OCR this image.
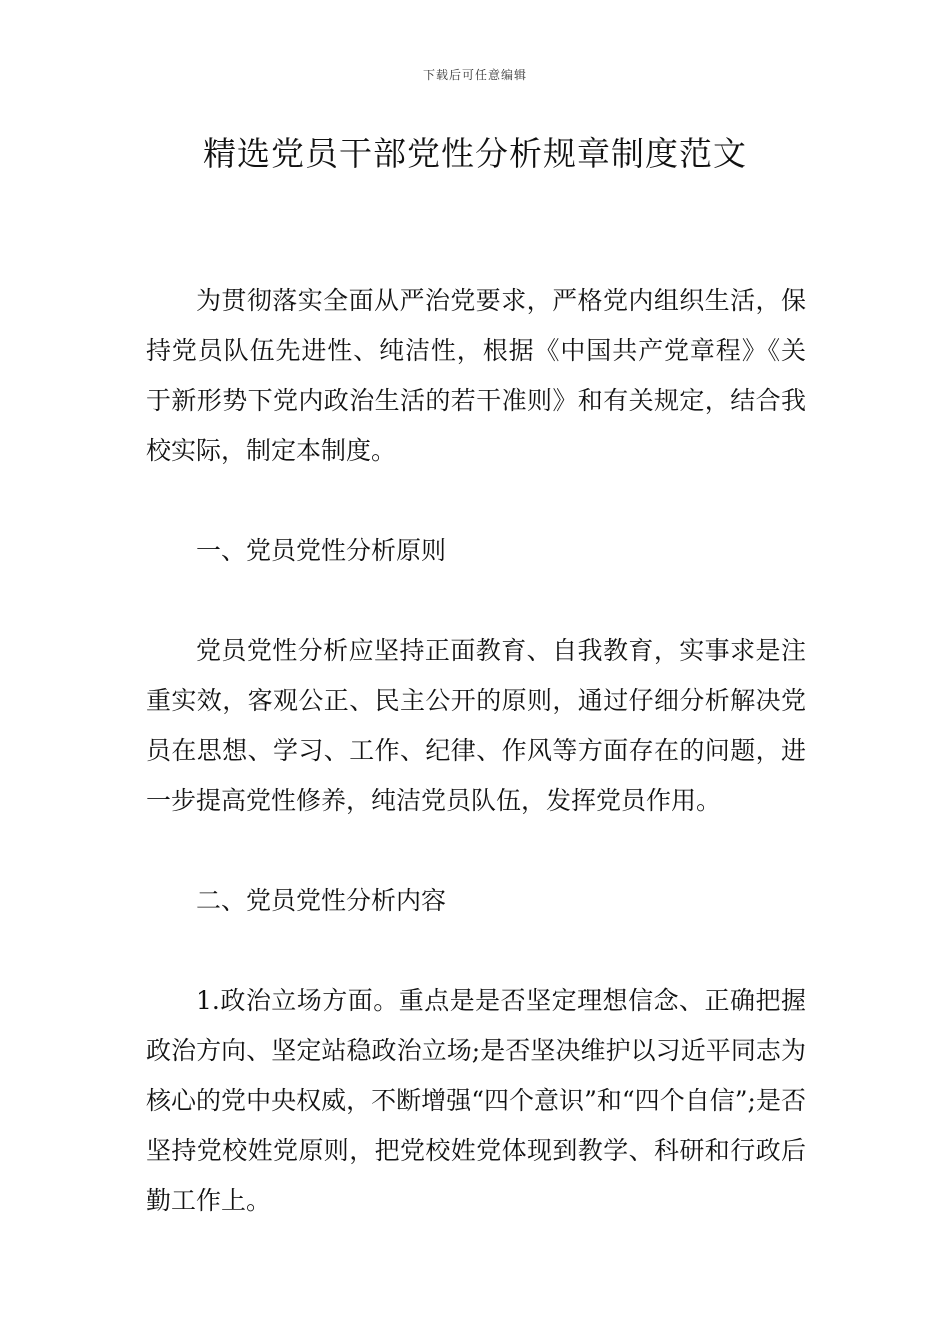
下载后可任意编辑
精选党员干部党性分析规章制度范文

为贯彻落实全面从严治党要求，严格党内组织生活，保持党员队伍先进性、纯洁性，根据《中国共产党章程》《关于新形势下党内政治生活的若干准则》和有关规定，结合我校实际，制定本制度。

一、党员党性分析原则

党员党性分析应坚持正面教育、自我教育，实事求是注重实效，客观公正、民主公开的原则，通过仔细分析解决党员在思想、学习、工作、纪律、作风等方面存在的问题，进一步提高党性修养，纯洁党员队伍，发挥党员作用。

二、党员党性分析内容

1.政治立场方面。重点是是否坚定理想信念、正确把握政治方向、坚定站稳政治立场;是否坚决维护以习近平同志为核心的党中央权威，不断增强“四个意识”和“四个自信”;是否坚持党校姓党原则，把党校姓党体现到教学、科研和行政后勤工作上。
